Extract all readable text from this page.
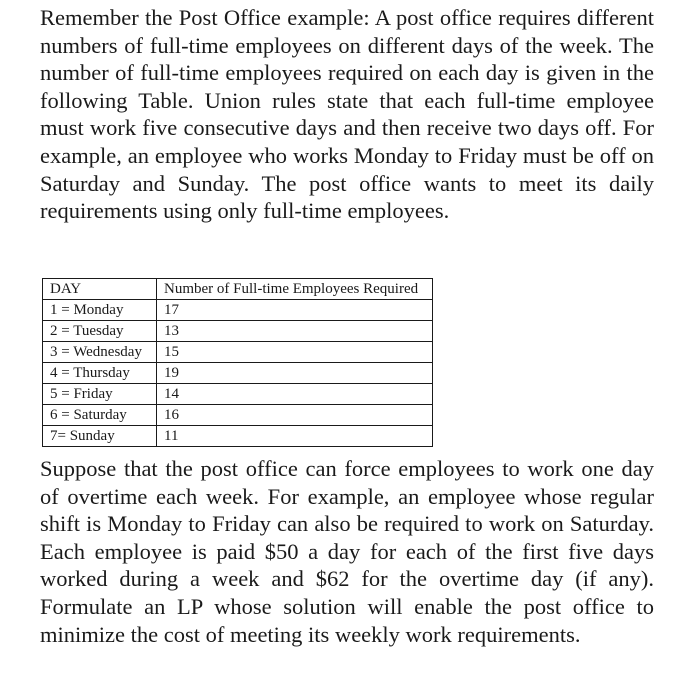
Remember the Post Office example: A post office requires different numbers of full-time employees on different days of the week. The number of full-time employees required on each day is given in the following Table. Union rules state that each full-time employee must work five consecutive days and then receive two days off. For example, an employee who works Monday to Friday must be off on Saturday and Sunday. The post office wants to meet its daily requirements using only full-time employees.

DAY	Number of Full-time Employees Required
1 = Monday	17
2 = Tuesday	13
3 = Wednesday	15
4 = Thursday	19
5 = Friday	14
6 = Saturday	16
7= Sunday	11

Suppose that the post office can force employees to work one day of overtime each week. For example, an employee whose regular shift is Monday to Friday can also be required to work on Saturday. Each employee is paid $50 a day for each of the first five days worked during a week and $62 for the overtime day (if any). Formulate an LP whose solution will enable the post office to minimize the cost of meeting its weekly work requirements.
